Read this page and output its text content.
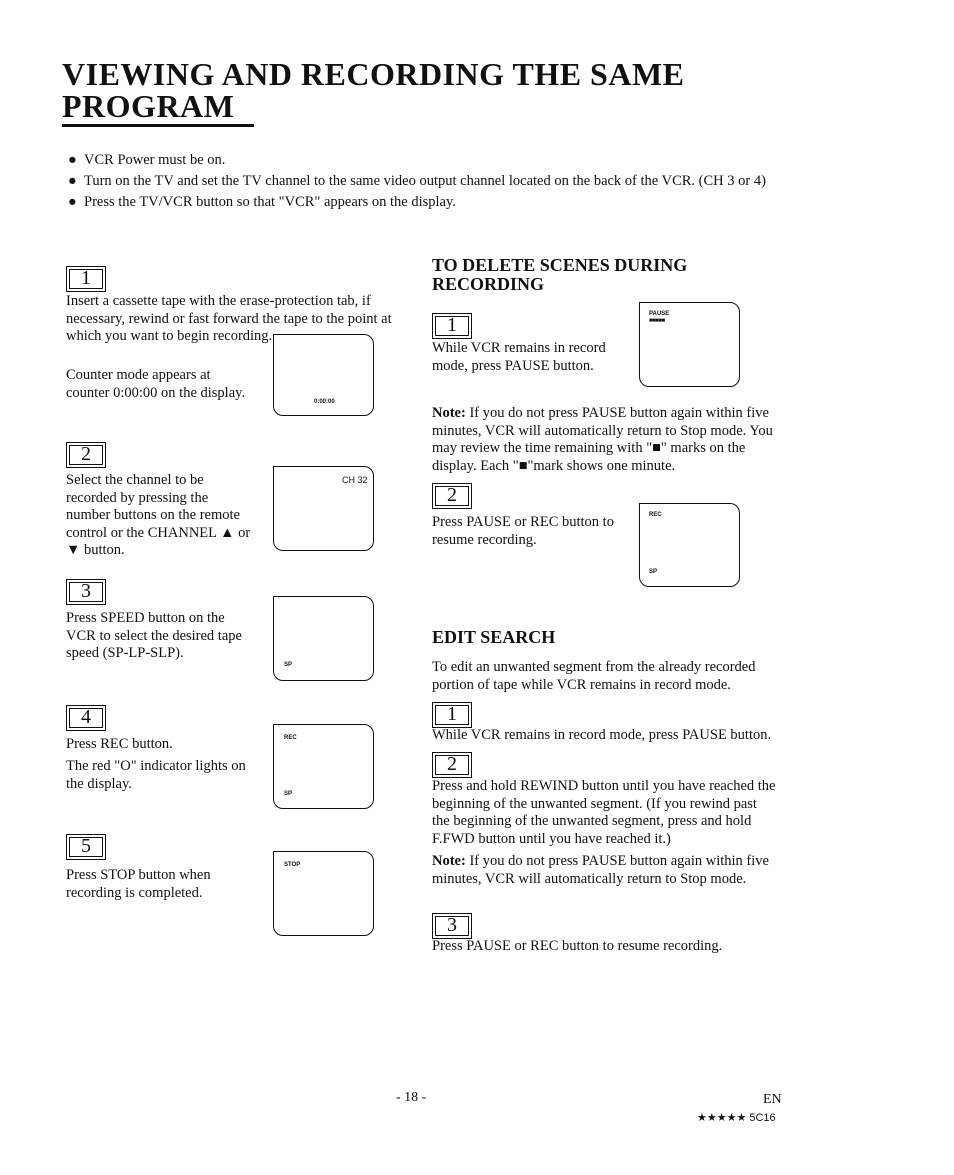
VIEWING AND RECORDING THE SAME
PROGRAM
● VCR Power must be on.
● Turn on the TV and set the TV channel to the same video output channel located on the back of the VCR. (CH 3 or 4)
● Press the TV/VCR button so that "VCR" appears on the display.
1
Insert a cassette tape with the erase-protection tab, if necessary, rewind or fast forward the tape to the point at which you want to begin recording.
Counter mode appears at counter 0:00:00 on the display.
0:00:00
2
Select the channel to be recorded by pressing the number buttons on the remote control or the CHANNEL ▲ or ▼ button.
CH 32
3
Press SPEED button on the VCR to select the desired tape speed (SP-LP-SLP).
SP
4
Press REC button.
The red "O" indicator lights on the display.
REC
SP
5
Press STOP button when recording is completed.
STOP
TO DELETE SCENES DURING
RECORDING
1
While VCR remains in record mode, press PAUSE button.
PAUSE
■■■■■
Note: If you do not press PAUSE button again within five minutes, VCR will automatically return to Stop mode. You may review the time remaining with "■" marks on the display. Each "■"mark shows one minute.
2
Press PAUSE or REC button to resume recording.
REC
SP
EDIT SEARCH
To edit an unwanted segment from the already recorded portion of tape while VCR remains in record mode.
1
While VCR remains in record mode, press PAUSE button.
2
Press and hold REWIND button until you have reached the beginning of the unwanted segment. (If you rewind past the beginning of the unwanted segment, press and hold F.FWD button until you have reached it.)
Note: If you do not press PAUSE button again within five minutes, VCR will automatically return to Stop mode.
3
Press PAUSE or REC button to resume recording.
- 18 -	EN
★★★★★ 5C16
